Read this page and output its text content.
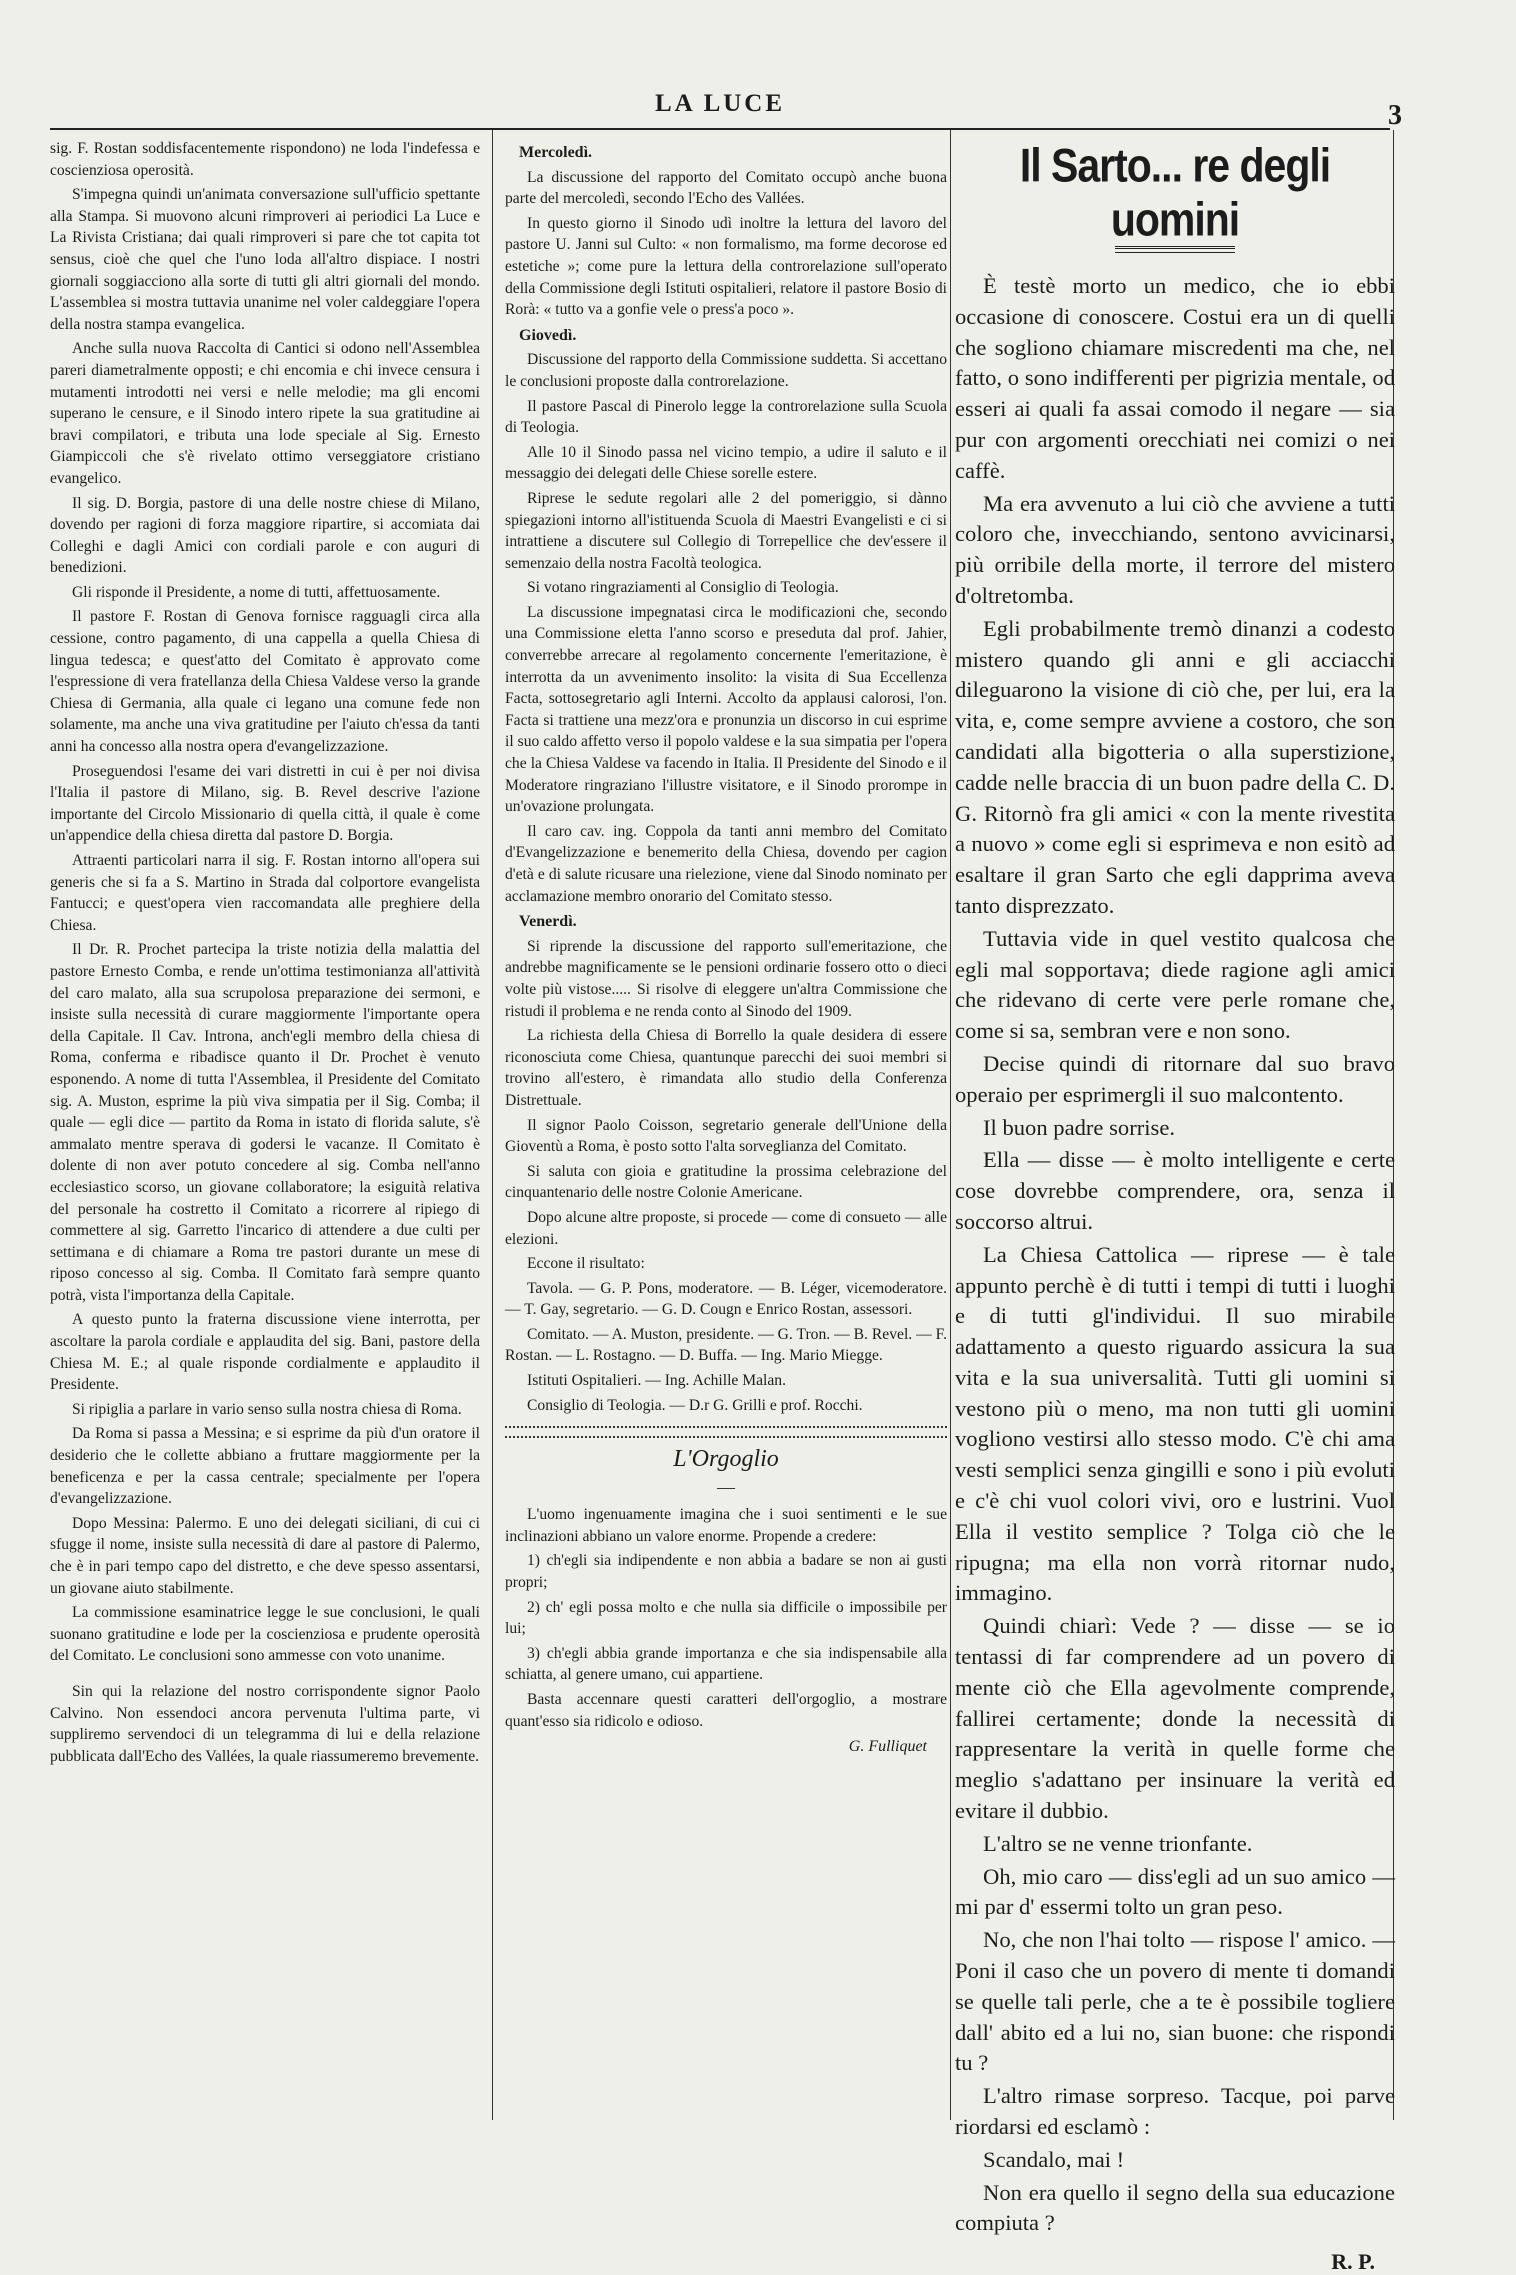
LA LUCE	3

sig. F. Rostan soddisfacentemente rispondono) ne loda l'indefessa e coscienziosa operosità.

S'impegna quindi un'animata conversazione sull'ufficio spettante alla Stampa. Si muovono alcuni rimproveri ai periodici La Luce e La Rivista Cristiana; dai quali rimproveri si pare che tot capita tot sensus, cioè che quel che l'uno loda all'altro dispiace. I nostri giornali soggiacciono alla sorte di tutti gli altri giornali del mondo. L'assemblea si mostra tuttavia unanime nel voler caldeggiare l'opera della nostra stampa evangelica.

Anche sulla nuova Raccolta di Cantici si odono nell'Assemblea pareri diametralmente opposti; e chi encomia e chi invece censura i mutamenti introdotti nei versi e nelle melodie; ma gli encomi superano le censure, e il Sinodo intero ripete la sua gratitudine ai bravi compilatori, e tributa una lode speciale al Sig. Ernesto Giampiccoli che s'è rivelato ottimo verseggiatore cristiano evangelico.

Il sig. D. Borgia, pastore di una delle nostre chiese di Milano, dovendo per ragioni di forza maggiore ripartire, si accomiata dai Colleghi e dagli Amici con cordiali parole e con auguri di benedizioni.

Gli risponde il Presidente, a nome di tutti, affettuosamente.

Il pastore F. Rostan di Genova fornisce ragguagli circa alla cessione, contro pagamento, di una cappella a quella Chiesa di lingua tedesca; e quest'atto del Comitato è approvato come l'espressione di vera fratellanza della Chiesa Valdese verso la grande Chiesa di Germania, alla quale ci legano una comune fede non solamente, ma anche una viva gratitudine per l'aiuto ch'essa da tanti anni ha concesso alla nostra opera d'evangelizzazione.

Proseguendosi l'esame dei vari distretti in cui è per noi divisa l'Italia il pastore di Milano, sig. B. Revel descrive l'azione importante del Circolo Missionario di quella città, il quale è come un'appendice della chiesa diretta dal pastore D. Borgia.

Attraenti particolari narra il sig. F. Rostan intorno all'opera sui generis che si fa a S. Martino in Strada dal colportore evangelista Fantucci; e quest'opera vien raccomandata alle preghiere della Chiesa.

Il Dr. R. Prochet partecipa la triste notizia della malattia del pastore Ernesto Comba, e rende un'ottima testimonianza all'attività del caro malato, alla sua scrupolosa preparazione dei sermoni, e insiste sulla necessità di curare maggiormente l'importante opera della Capitale. Il Cav. Introna, anch'egli membro della chiesa di Roma, conferma e ribadisce quanto il Dr. Prochet è venuto esponendo. A nome di tutta l'Assemblea, il Presidente del Comitato sig. A. Muston, esprime la più viva simpatia per il Sig. Comba; il quale — egli dice — partito da Roma in istato di florida salute, s'è ammalato mentre sperava di godersi le vacanze. Il Comitato è dolente di non aver potuto concedere al sig. Comba nell'anno ecclesiastico scorso, un giovane collaboratore; la esiguità relativa del personale ha costretto il Comitato a ricorrere al ripiego di commettere al sig. Garretto l'incarico di attendere a due culti per settimana e di chiamare a Roma tre pastori durante un mese di riposo concesso al sig. Comba. Il Comitato farà sempre quanto potrà, vista l'importanza della Capitale.

A questo punto la fraterna discussione viene interrotta, per ascoltare la parola cordiale e applaudita del sig. Bani, pastore della Chiesa M. E.; al quale risponde cordialmente e applaudito il Presidente.

Si ripiglia a parlare in vario senso sulla nostra chiesa di Roma.

Da Roma si passa a Messina; e si esprime da più d'un oratore il desiderio che le collette abbiano a fruttare maggiormente per la beneficenza e per la cassa centrale; specialmente per l'opera d'evangelizzazione.

Dopo Messina: Palermo. E uno dei delegati siciliani, di cui ci sfugge il nome, insiste sulla necessità di dare al pastore di Palermo, che è in pari tempo capo del distretto, e che deve spesso assentarsi, un giovane aiuto stabilmente.

La commissione esaminatrice legge le sue conclusioni, le quali suonano gratitudine e lode per la coscienziosa e prudente operosità del Comitato. Le conclusioni sono ammesse con voto unanime.

Sin qui la relazione del nostro corrispondente signor Paolo Calvino. Non essendoci ancora pervenuta l'ultima parte, vi suppliremo servendoci di un telegramma di lui e della relazione pubblicata dall'Echo des Vallées, la quale riassumeremo brevemente.

Mercoledì.

La discussione del rapporto del Comitato occupò anche buona parte del mercoledì, secondo l'Echo des Vallées.

In questo giorno il Sinodo udì inoltre la lettura del lavoro del pastore U. Janni sul Culto: « non formalismo, ma forme decorose ed estetiche »; come pure la lettura della controrelazione sull'operato della Commissione degli Istituti ospitalieri, relatore il pastore Bosio di Rorà: « tutto va a gonfie vele o press'a poco ».

Giovedì.

Discussione del rapporto della Commissione suddetta. Si accettano le conclusioni proposte dalla controrelazione.

Il pastore Pascal di Pinerolo legge la controrelazione sulla Scuola di Teologia.

Alle 10 il Sinodo passa nel vicino tempio, a udire il saluto e il messaggio dei delegati delle Chiese sorelle estere.

Riprese le sedute regolari alle 2 del pomeriggio, si dànno spiegazioni intorno all'istituenda Scuola di Maestri Evangelisti e ci si intrattiene a discutere sul Collegio di Torrepellice che dev'essere il semenzaio della nostra Facoltà teologica.

Si votano ringraziamenti al Consiglio di Teologia.

La discussione impegnatasi circa le modificazioni che, secondo una Commissione eletta l'anno scorso e preseduta dal prof. Jahier, converrebbe arrecare al regolamento concernente l'emeritazione, è interrotta da un avvenimento insolito: la visita di Sua Eccellenza Facta, sottosegretario agli Interni. Accolto da applausi calorosi, l'on. Facta si trattiene una mezz'ora e pronunzia un discorso in cui esprime il suo caldo affetto verso il popolo valdese e la sua simpatia per l'opera che la Chiesa Valdese va facendo in Italia. Il Presidente del Sinodo e il Moderatore ringraziano l'illustre visitatore, e il Sinodo prorompe in un'ovazione prolungata.

Il caro cav. ing. Coppola da tanti anni membro del Comitato d'Evangelizzazione e benemerito della Chiesa, dovendo per cagion d'età e di salute ricusare una rielezione, viene dal Sinodo nominato per acclamazione membro onorario del Comitato stesso.

Venerdì.

Si riprende la discussione del rapporto sull'emeritazione, che andrebbe magnificamente se le pensioni ordinarie fossero otto o dieci volte più vistose..... Si risolve di eleggere un'altra Commissione che ristudi il problema e ne renda conto al Sinodo del 1909.

La richiesta della Chiesa di Borrello la quale desidera di essere riconosciuta come Chiesa, quantunque parecchi dei suoi membri si trovino all'estero, è rimandata allo studio della Conferenza Distrettuale.

Il signor Paolo Coisson, segretario generale dell'Unione della Gioventù a Roma, è posto sotto l'alta sorveglianza del Comitato.

Si saluta con gioia e gratitudine la prossima celebrazione del cinquantenario delle nostre Colonie Americane.

Dopo alcune altre proposte, si procede — come di consueto — alle elezioni.

Eccone il risultato:

Tavola. — G. P. Pons, moderatore. — B. Léger, vicemoderatore. — T. Gay, segretario. — G. D. Cougn e Enrico Rostan, assessori.

Comitato. — A. Muston, presidente. — G. Tron. — B. Revel. — F. Rostan. — L. Rostagno. — D. Buffa. — Ing. Mario Miegge.

Istituti Ospitalieri. — Ing. Achille Malan.

Consiglio di Teologia. — D.r G. Grilli e prof. Rocchi.

L'Orgoglio
—

L'uomo ingenuamente imagina che i suoi sentimenti e le sue inclinazioni abbiano un valore enorme. Propende a credere:

1) ch'egli sia indipendente e non abbia a badare se non ai gusti propri;

2) ch' egli possa molto e che nulla sia difficile o impossibile per lui;

3) ch'egli abbia grande importanza e che sia indispensabile alla schiatta, al genere umano, cui appartiene.

Basta accennare questi caratteri dell'orgoglio, a mostrare quant'esso sia ridicolo e odioso.

G. Fulliquet
Il Sarto... re degli uomini

È testè morto un medico, che io ebbi occasione di conoscere. Costui era un di quelli che sogliono chiamare miscredenti ma che, nel fatto, o sono indifferenti per pigrizia mentale, od esseri ai quali fa assai comodo il negare — sia pur con argomenti orecchiati nei comizi o nei caffè.

Ma era avvenuto a lui ciò che avviene a tutti coloro che, invecchiando, sentono avvicinarsi, più orribile della morte, il terrore del mistero d'oltretomba.

Egli probabilmente tremò dinanzi a codesto mistero quando gli anni e gli acciacchi dileguarono la visione di ciò che, per lui, era la vita, e, come sempre avviene a costoro, che son candidati alla bigotteria o alla superstizione, cadde nelle braccia di un buon padre della C. D. G. Ritornò fra gli amici « con la mente rivestita a nuovo » come egli si esprimeva e non esitò ad esaltare il gran Sarto che egli dapprima aveva tanto disprezzato.

Tuttavia vide in quel vestito qualcosa che egli mal sopportava; diede ragione agli amici che ridevano di certe vere perle romane che, come si sa, sembran vere e non sono.

Decise quindi di ritornare dal suo bravo operaio per esprimergli il suo malcontento.

Il buon padre sorrise.

Ella — disse — è molto intelligente e certe cose dovrebbe comprendere, ora, senza il soccorso altrui.

La Chiesa Cattolica — riprese — è tale appunto perchè è di tutti i tempi di tutti i luoghi e di tutti gl'individui. Il suo mirabile adattamento a questo riguardo assicura la sua vita e la sua universalità. Tutti gli uomini si vestono più o meno, ma non tutti gli uomini vogliono vestirsi allo stesso modo. C'è chi ama vesti semplici senza gingilli e sono i più evoluti e c'è chi vuol colori vivi, oro e lustrini. Vuol Ella il vestito semplice ? Tolga ciò che le ripugna; ma ella non vorrà ritornar nudo, immagino.

Quindi chiarì: Vede ? — disse — se io tentassi di far comprendere ad un povero di mente ciò che Ella agevolmente comprende, fallirei certamente; donde la necessità di rappresentare la verità in quelle forme che meglio s'adattano per insinuare la verità ed evitare il dubbio.

L'altro se ne venne trionfante.

Oh, mio caro — diss'egli ad un suo amico — mi par d' essermi tolto un gran peso.

No, che non l'hai tolto — rispose l' amico. — Poni il caso che un povero di mente ti domandi se quelle tali perle, che a te è possibile togliere dall' abito ed a lui no, sian buone: che rispondi tu ?

L'altro rimase sorpreso. Tacque, poi parve riordarsi ed esclamò :

Scandalo, mai !

Non era quello il segno della sua educazione compiuta ?

R. P.
